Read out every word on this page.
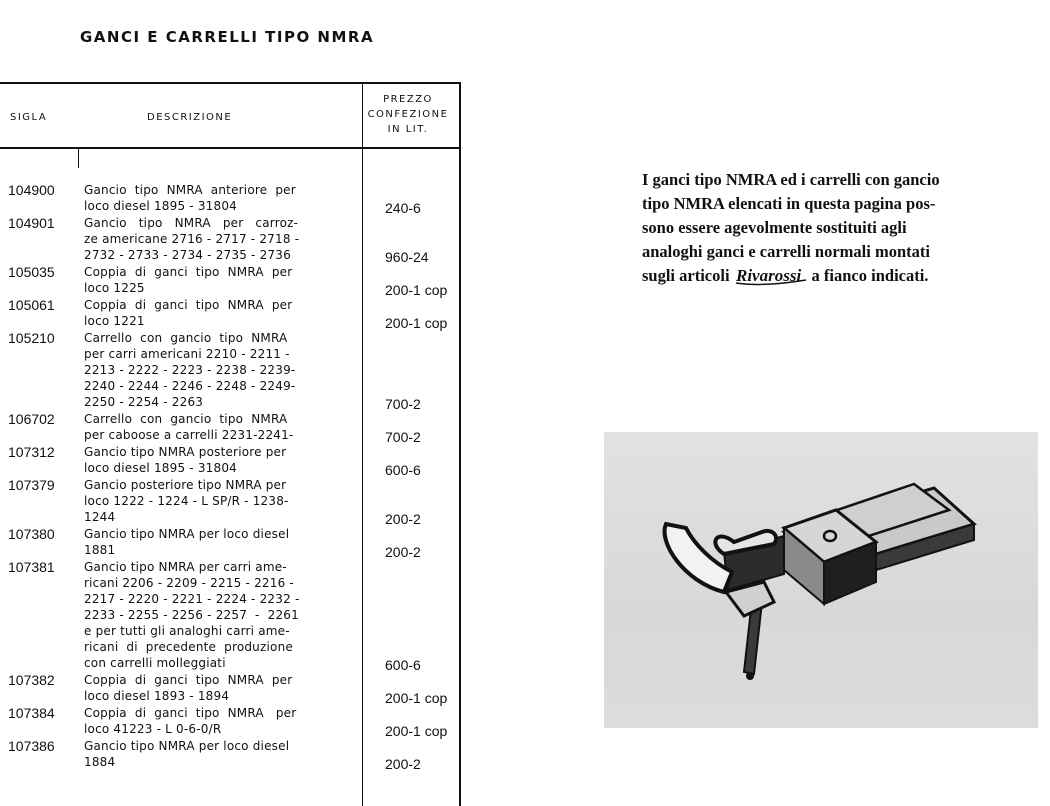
GANCI E CARRELLI TIPO NMRA
SIGLA	DESCRIZIONE
PREZZO
CONFEZIONE
IN LIT.
104900 Gancio  tipo  NMRA  anteriore  per
loco diesel 1895 - 31804	240-6
104901 Gancio   tipo   NMRA   per   carroz-
ze americane 2716 - 2717 - 2718 -
2732 - 2733 - 2734 - 2735 - 2736	960-24
105035 Coppia  di  ganci  tipo  NMRA  per
loco 1225	200-1 cop
105061 Coppia  di  ganci  tipo  NMRA  per
loco 1221	200-1 cop
105210 Carrello  con  gancio  tipo  NMRA
per carri americani 2210 - 2211 -
2213 - 2222 - 2223 - 2238 - 2239-
2240 - 2244 - 2246 - 2248 - 2249-
2250 - 2254 - 2263	700-2
106702 Carrello  con  gancio  tipo  NMRA
per caboose a carrelli 2231-2241-	700-2
107312 Gancio tipo NMRA posteriore per
loco diesel 1895 - 31804	600-6
107379 Gancio posteriore tipo NMRA per
loco 1222 - 1224 - L SP/R - 1238-
1244	200-2
107380 Gancio tipo NMRA per loco diesel
1881	200-2
107381 Gancio tipo NMRA per carri ame-
ricani 2206 - 2209 - 2215 - 2216 -
2217 - 2220 - 2221 - 2224 - 2232 -
2233 - 2255 - 2256 - 2257  -  2261
e per tutti gli analoghi carri ame-
ricani  di  precedente  produzione
con carrelli molleggiati	600-6
107382 Coppia  di  ganci  tipo  NMRA  per
loco diesel 1893 - 1894	200-1 cop
107384 Coppia  di  ganci  tipo  NMRA   per
loco 41223 - L 0-6-0/R	200-1 cop
107386 Gancio tipo NMRA per loco diesel
1884	200-2
I ganci tipo NMRA ed i carrelli con gancio
tipo NMRA elencati in questa pagina pos-
sono essere agevolmente sostituiti agli
analoghi ganci e carrelli normali montati
sugli articoli Rivarossi a fianco indicati.
